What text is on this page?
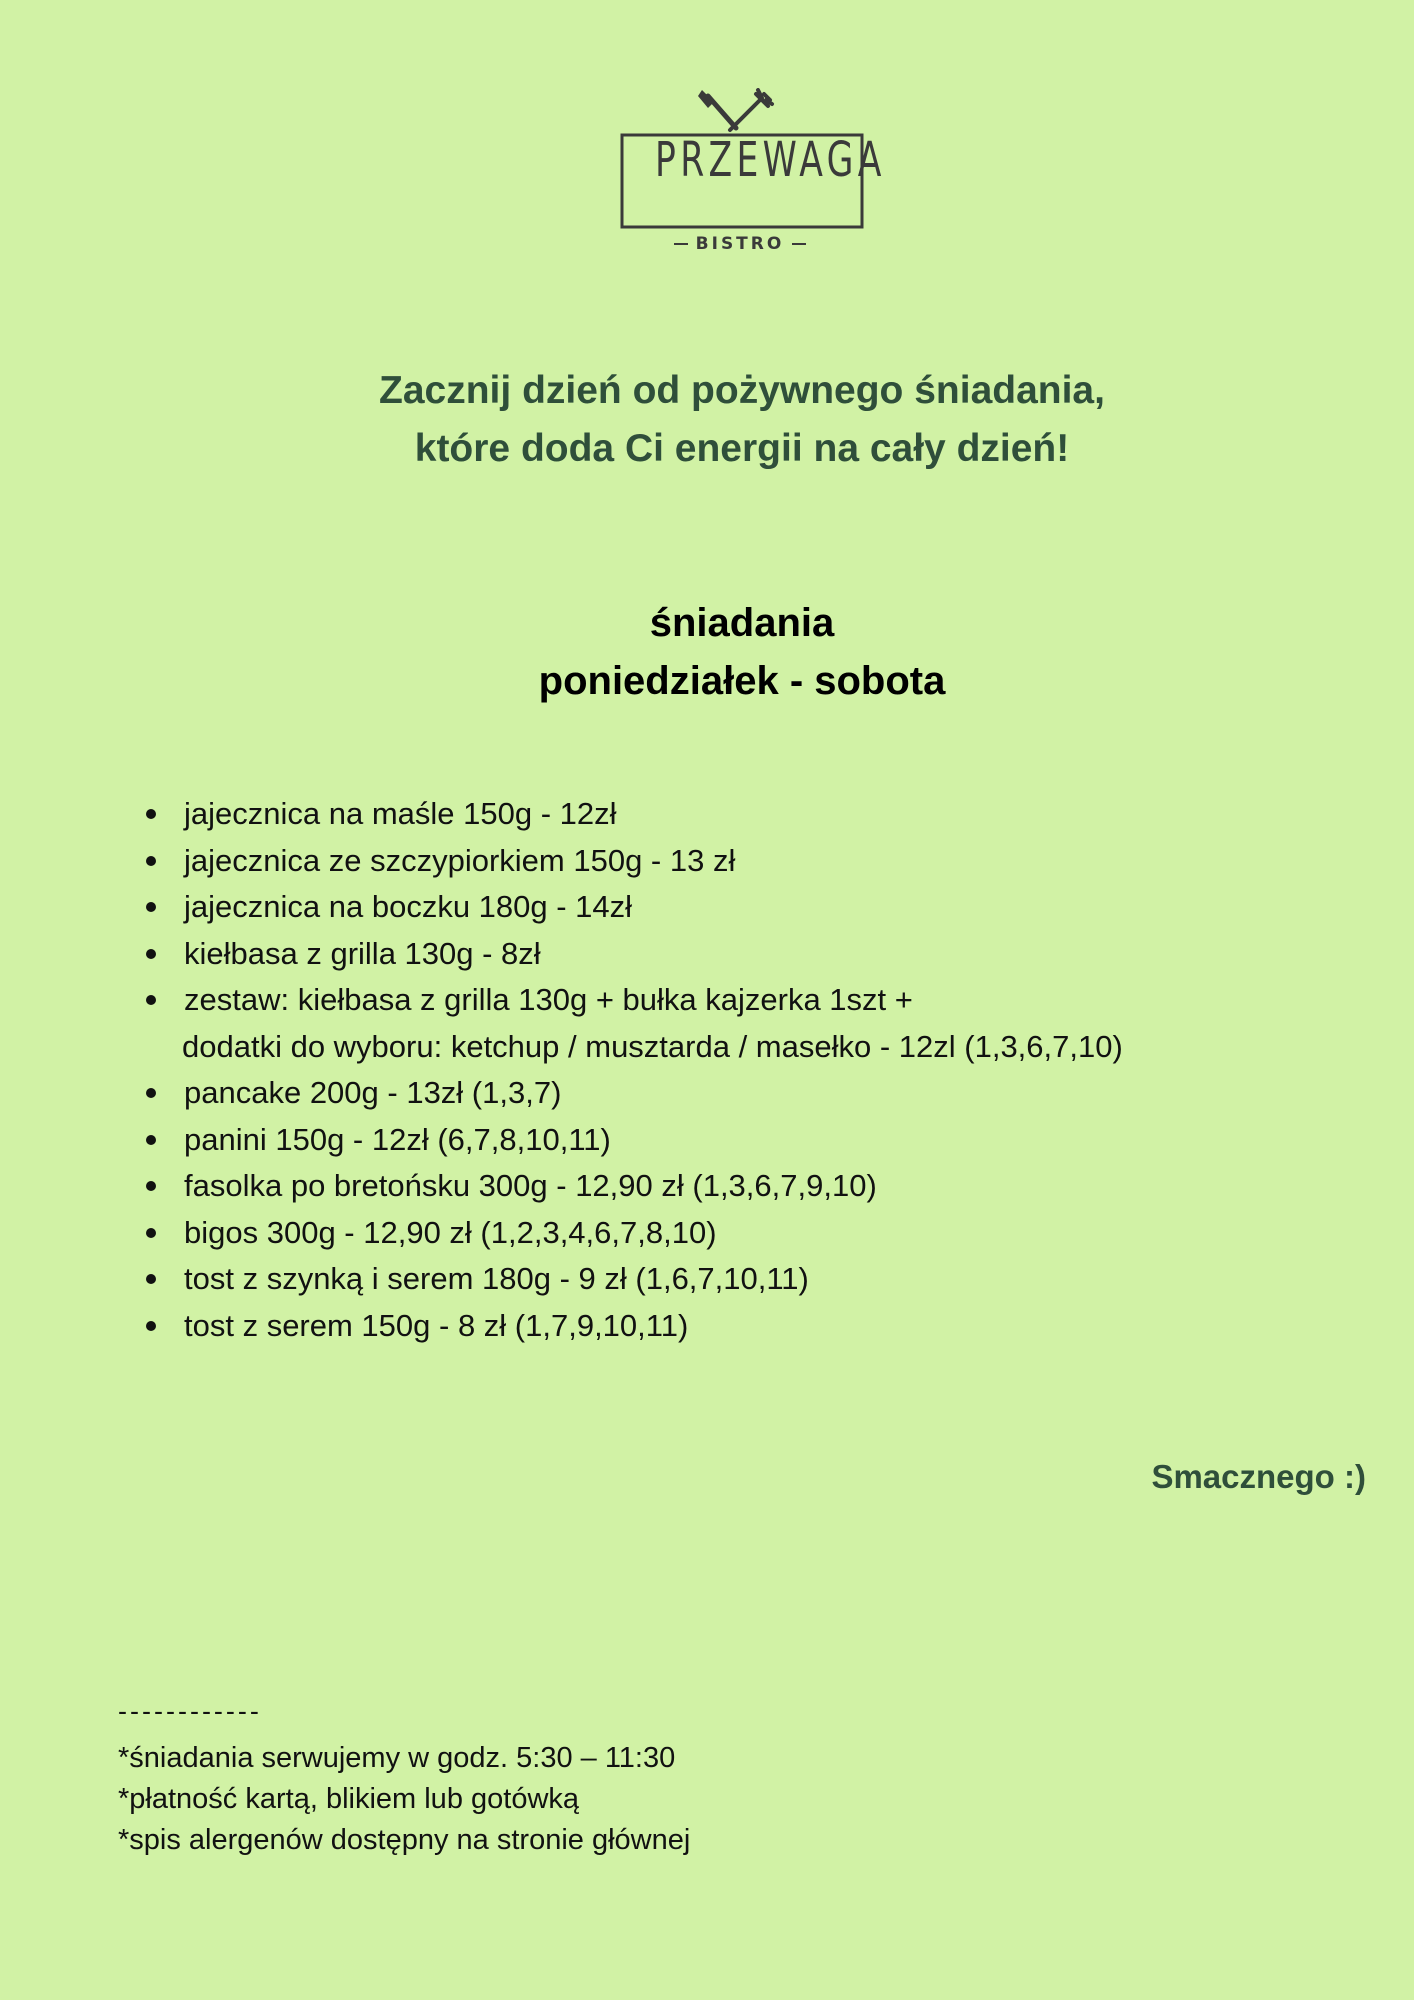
PRZEWAGA
BISTRO
Zacznij dzień od pożywnego śniadania,
które doda Ci energii na cały dzień!
śniadania
poniedziałek - sobota
jajecznica na maśle 150g - 12zł
jajecznica ze szczypiorkiem 150g - 13 zł
jajecznica na boczku 180g - 14zł
kiełbasa z grilla 130g - 8zł
zestaw: kiełbasa z grilla 130g + bułka kajzerka 1szt +
dodatki do wyboru: ketchup / musztarda / masełko - 12zl (1,3,6,7,10)
pancake 200g - 13zł (1,3,7)
panini 150g - 12zł (6,7,8,10,11)
fasolka po bretońsku 300g - 12,90 zł (1,3,6,7,9,10)
bigos 300g - 12,90 zł (1,2,3,4,6,7,8,10)
tost z szynką i serem 180g - 9 zł (1,6,7,10,11)
tost z serem 150g - 8 zł (1,7,9,10,11)
Smacznego :)
------------
*śniadania serwujemy w godz. 5:30 – 11:30
*płatność kartą, blikiem lub gotówką
*spis alergenów dostępny na stronie głównej
